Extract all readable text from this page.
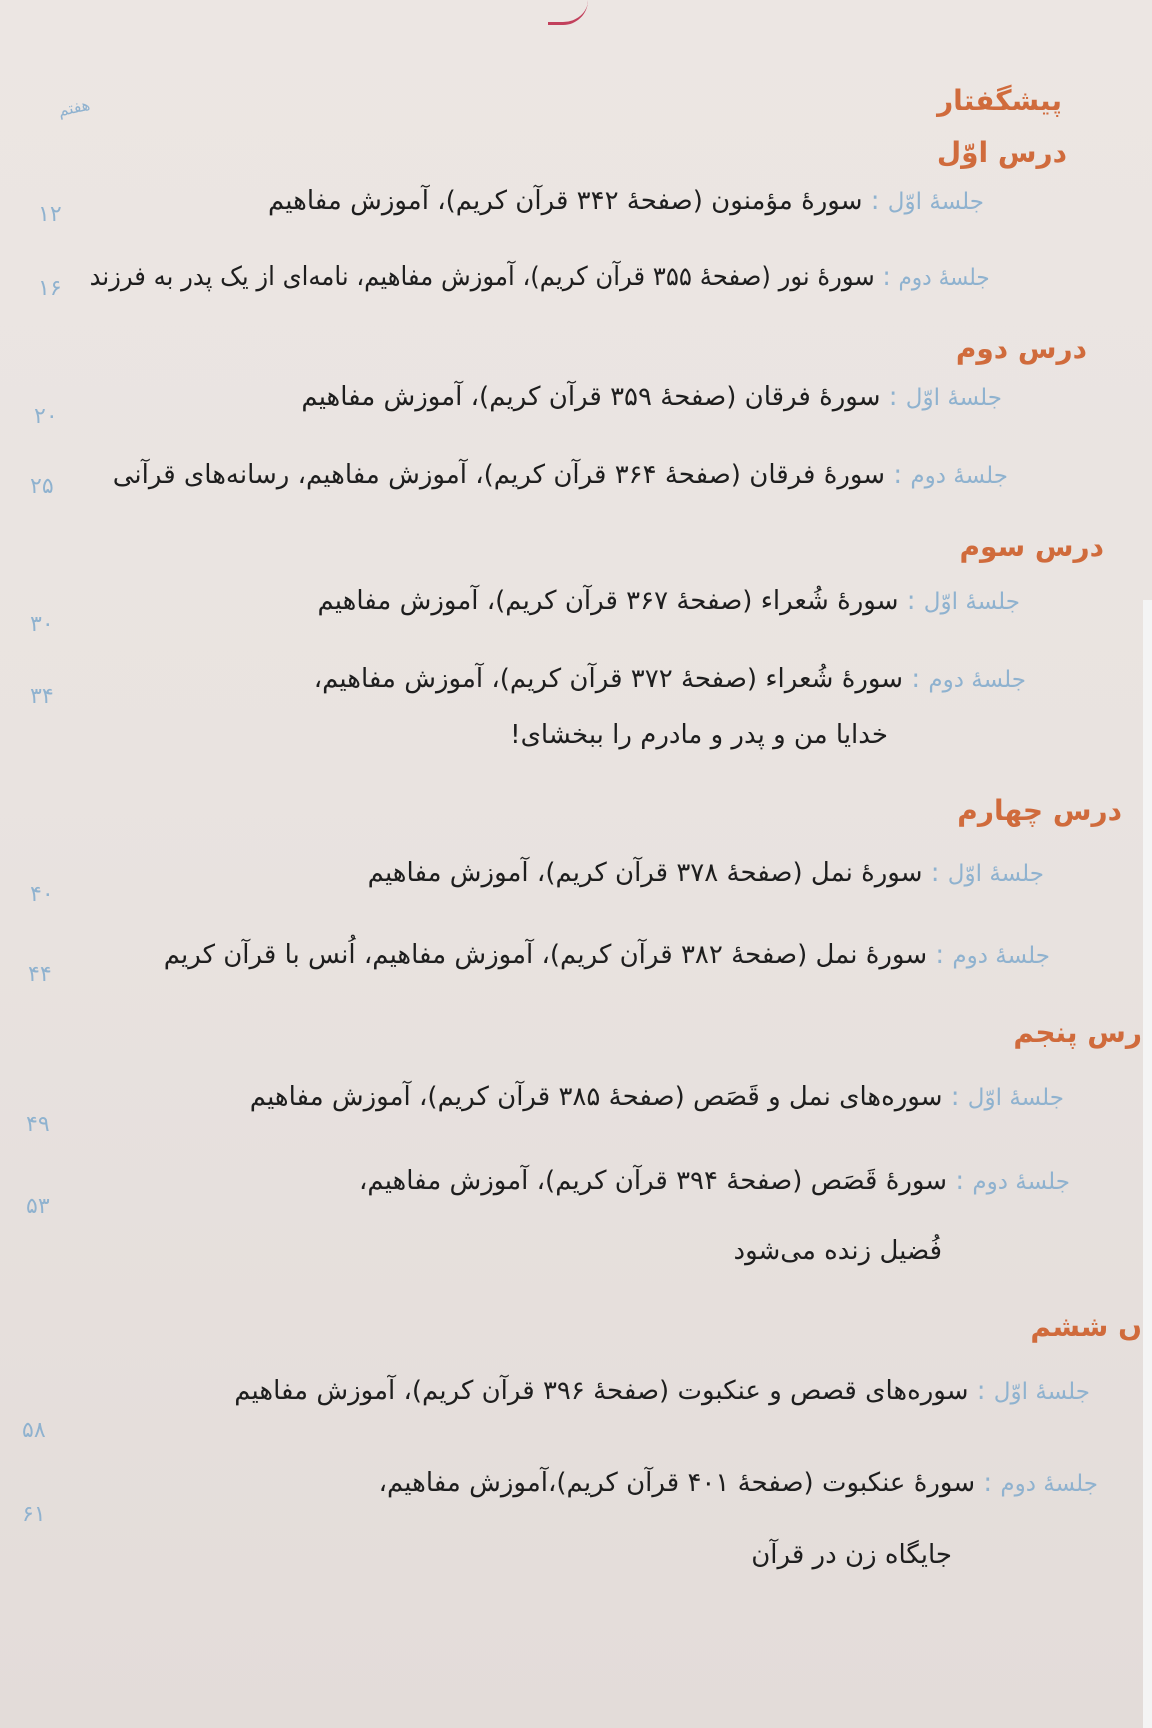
هفتم	پیشگفتار
درس اوّل
جلسهٔ اوّل : سورهٔ مؤمنون (صفحهٔ ۳۴۲ قرآن کریم)، آموزش مفاهیم
۱۲
جلسهٔ دوم : سورهٔ نور (صفحهٔ ۳۵۵ قرآن کریم)، آموزش مفاهیم، نامه‌ای از یک پدر به فرزند
۱۶
درس دوم
جلسهٔ اوّل : سورهٔ فرقان (صفحهٔ ۳۵۹ قرآن کریم)، آموزش مفاهیم
۲۰
جلسهٔ دوم : سورهٔ فرقان (صفحهٔ ۳۶۴ قرآن کریم)، آموزش مفاهیم، رسانه‌های قرآنی
۲۵
درس سوم
جلسهٔ اوّل : سورهٔ شُعراء (صفحهٔ ۳۶۷ قرآن کریم)، آموزش مفاهیم
۳۰
جلسهٔ دوم : سورهٔ شُعراء (صفحهٔ ۳۷۲ قرآن کریم)، آموزش مفاهیم،
خدایا من و پدر و مادرم را ببخشای!
۳۴
درس چهارم
جلسهٔ اوّل : سورهٔ نمل (صفحهٔ ۳۷۸ قرآن کریم)، آموزش مفاهیم
۴۰
جلسهٔ دوم : سورهٔ نمل (صفحهٔ ۳۸۲ قرآن کریم)، آموزش مفاهیم، اُنس با قرآن کریم
۴۴
رس پنجم
جلسهٔ اوّل : سوره‌های نمل و قَصَص (صفحهٔ ۳۸۵ قرآن کریم)، آموزش مفاهیم
۴۹
جلسهٔ دوم : سورهٔ قَصَص (صفحهٔ ۳۹۴ قرآن کریم)، آموزش مفاهیم،
فُضیل زنده می‌شود
۵۳
ں ششم
جلسهٔ اوّل : سوره‌های قصص و عنکبوت (صفحهٔ ۳۹۶ قرآن کریم)، آموزش مفاهیم
۵۸
جلسهٔ دوم : سورهٔ عنکبوت (صفحهٔ ۴۰۱ قرآن کریم)،آموزش مفاهیم،
جایگاه زن در قرآن
۶۱
